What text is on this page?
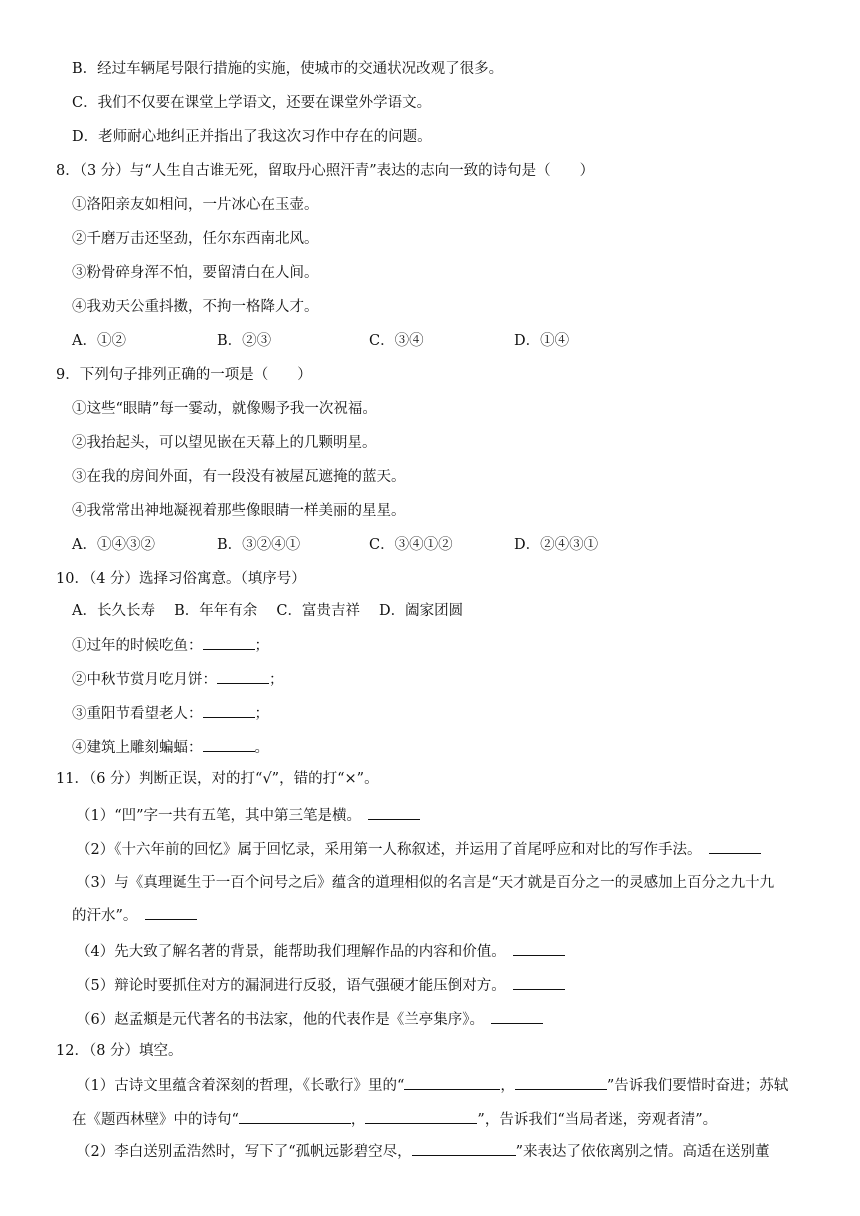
B．经过车辆尾号限行措施的实施，使城市的交通状况改观了很多。
C．我们不仅要在课堂上学语文，还要在课堂外学语文。
D．老师耐心地纠正并指出了我这次习作中存在的问题。
8．（3 分）与“人生自古谁无死，留取丹心照汗青”表达的志向一致的诗句是（　　）
①洛阳亲友如相问，一片冰心在玉壶。
②千磨万击还坚劲，任尔东西南北风。
③粉骨碎身浑不怕，要留清白在人间。
④我劝天公重抖擞，不拘一格降人才。
A．①②	B．②③	C．③④	D．①④
9．下列句子排列正确的一项是（　　）
①这些“眼睛”每一霎动，就像赐予我一次祝福。
②我抬起头，可以望见嵌在天幕上的几颗明星。
③在我的房间外面，有一段没有被屋瓦遮掩的蓝天。
④我常常出神地凝视着那些像眼睛一样美丽的星星。
A．①④③②	B．③②④①	C．③④①②	D．②④③①
10．（4 分）选择习俗寓意。（填序号）
A．长久长寿　 B．年年有余　 C．富贵吉祥　 D．阖家团圆
①过年的时候吃鱼：	；
②中秋节赏月吃月饼：	；
③重阳节看望老人：	；
④建筑上雕刻蝙蝠：	。
11．（6 分）判断正误，对的打“√”，错的打“×”。
（1）“凹”字一共有五笔，其中第三笔是横。　
（2）《十六年前的回忆》属于回忆录，采用第一人称叙述，并运用了首尾呼应和对比的写作手法。　
（3）与《真理诞生于一百个问号之后》蕴含的道理相似的名言是“天才就是百分之一的灵感加上百分之九十九
的汗水”。　
（4）先大致了解名著的背景，能帮助我们理解作品的内容和价值。　
（5）辩论时要抓住对方的漏洞进行反驳，语气强硬才能压倒对方。　
（6）赵孟頫是元代著名的书法家，他的代表作是《兰亭集序》。　
12．（8 分）填空。
（1）古诗文里蕴含着深刻的哲理，《长歌行》里的“	，	”告诉我们要惜时奋进；苏轼
在《题西林壁》中的诗句“	，	”，告诉我们“当局者迷，旁观者清”。
（2）李白送别孟浩然时，写下了“孤帆远影碧空尽，	”来表达了依依离别之情。高适在送别董
